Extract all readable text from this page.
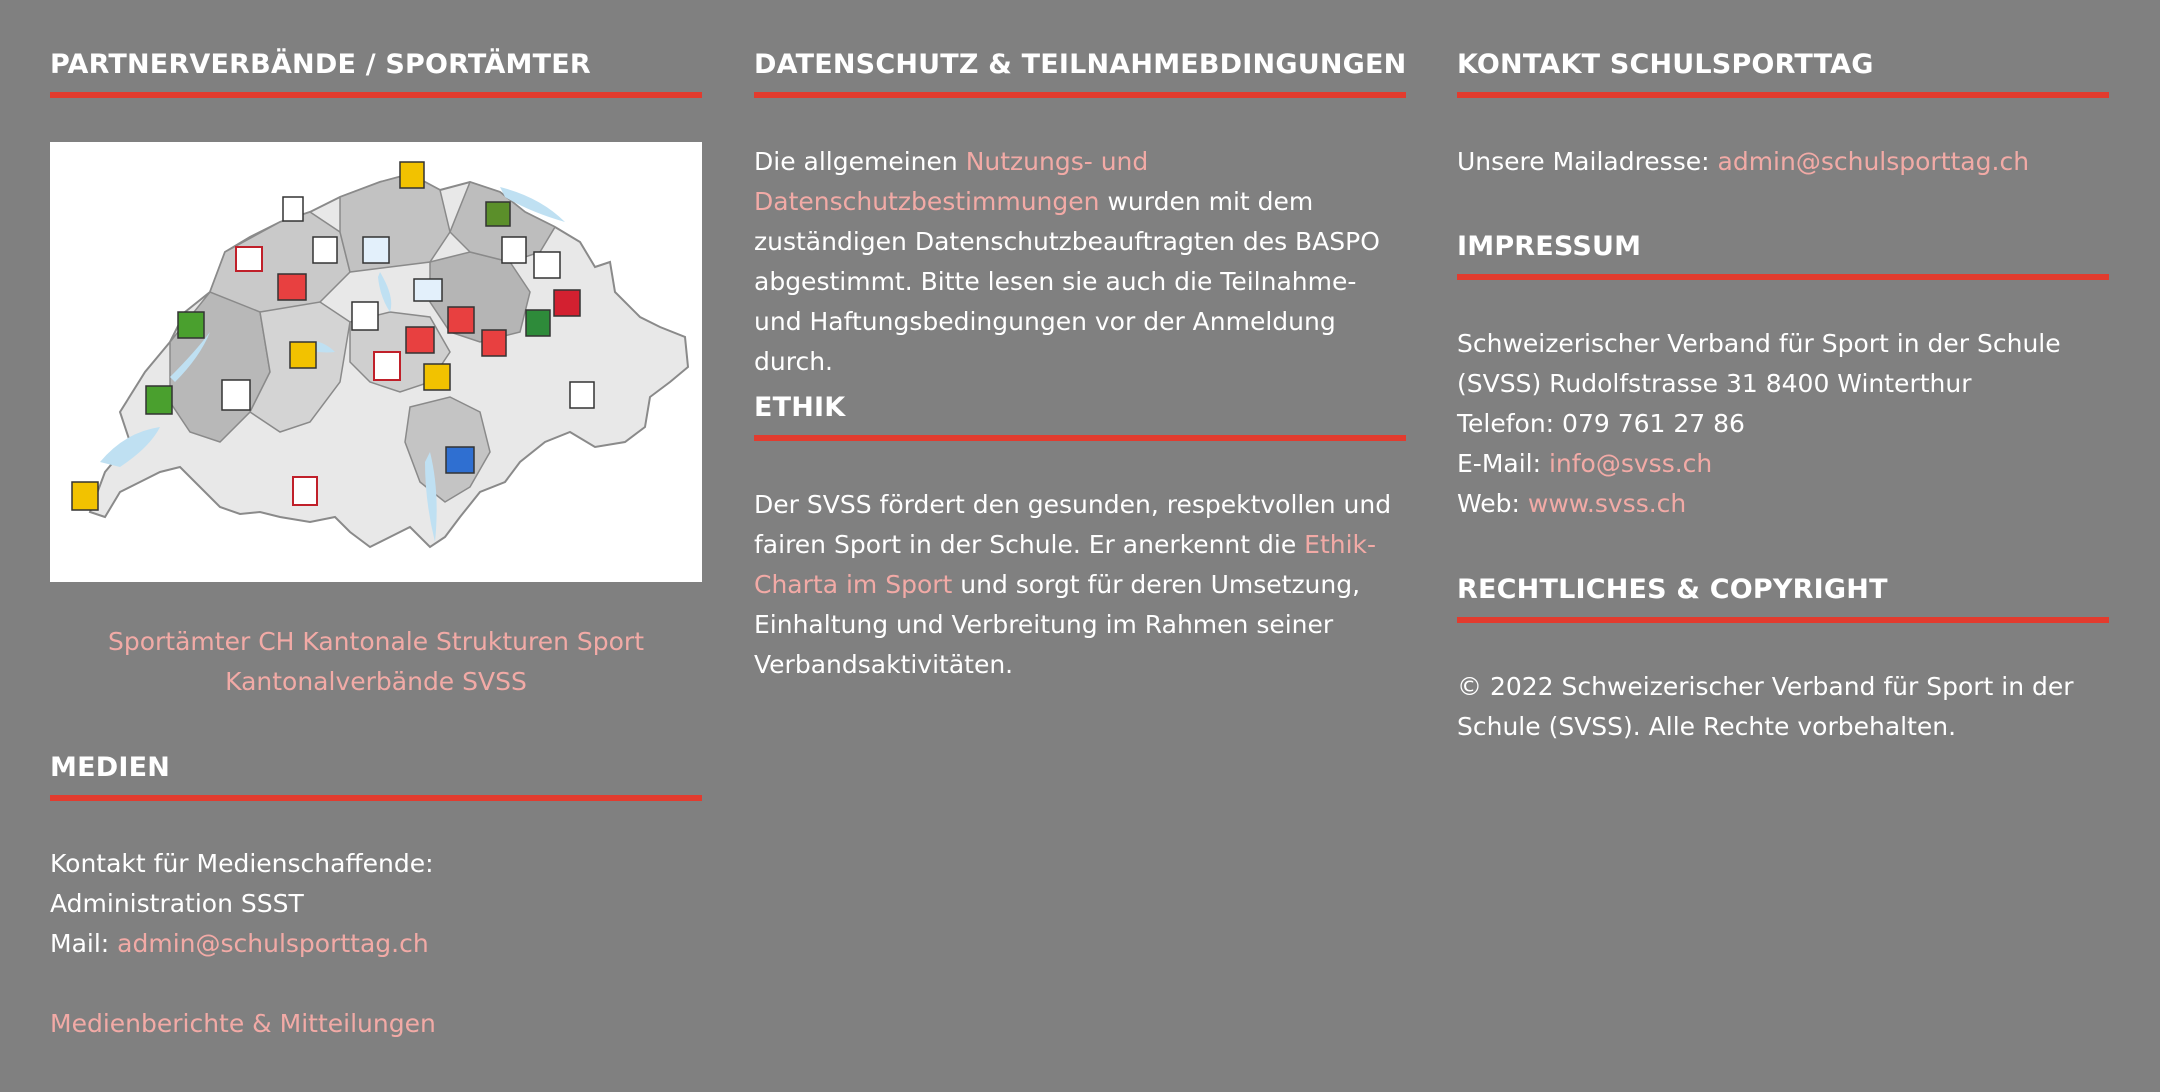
PARTNERVERBÄNDE / SPORTÄMTER
Sportämter CH Kantonale Strukturen Sport
Kantonalverbände SVSS
MEDIEN
Kontakt für Medienschaffende:
Administration SSST
Mail: admin@schulsporttag.ch
Medienberichte & Mitteilungen
DATENSCHUTZ & TEILNAHMEBDINGUNGEN

Die allgemeinen Nutzungs- und Datenschutzbestimmungen wurden mit dem zuständigen Datenschutzbeauftragten des BASPO abgestimmt. Bitte lesen sie auch die Teilnahme- und Haftungsbedingungen vor der Anmeldung durch.

ETHIK

Der SVSS fördert den gesunden, respektvollen und fairen Sport in der Schule. Er anerkennt die Ethik-Charta im Sport und sorgt für deren Umsetzung, Einhaltung und Verbreitung im Rahmen seiner Verbandsaktivitäten.

KONTAKT SCHULSPORTTAG

Unsere Mailadresse: admin@schulsporttag.ch

IMPRESSUM
Schweizerischer Verband für Sport in der Schule (SVSS) Rudolfstrasse 31 8400 Winterthur
Telefon: 079 761 27 86
E-Mail: info@svss.ch
Web: www.svss.ch
RECHTLICHES & COPYRIGHT

© 2022 Schweizerischer Verband für Sport in der Schule (SVSS). Alle Rechte vorbehalten.
